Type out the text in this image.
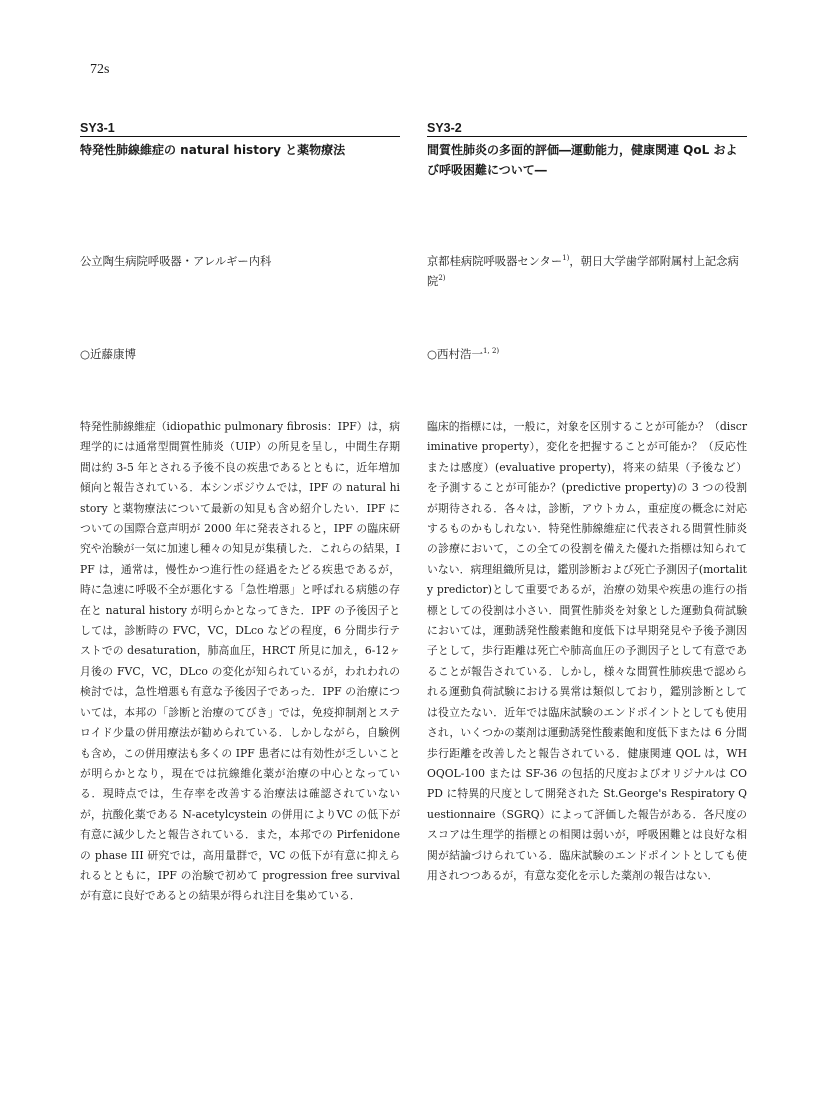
72s
SY3-1
特発性肺線維症の natural history と薬物療法
公立陶生病院呼吸器・アレルギー内科
○近藤康博

特発性肺線維症（idiopathic pulmonary fibrosis：IPF）は，病理学的には通常型間質性肺炎（UIP）の所見を呈し，中間生存期間は約 3-5 年とされる予後不良の疾患であるとともに，近年増加傾向と報告されている．本シンポジウムでは，IPF の natural history と薬物療法について最新の知見も含め紹介したい．IPF についての国際合意声明が 2000 年に発表されると，IPF の臨床研究や治験が一気に加速し種々の知見が集積した．これらの結果，IPF は，通常は，慢性かつ進行性の経過をたどる疾患であるが，時に急速に呼吸不全が悪化する「急性増悪」と呼ばれる病態の存在と natural history が明らかとなってきた．IPF の予後因子としては，診断時の FVC，VC，DLco などの程度，6 分間歩行テストでの desaturation，肺高血圧，HRCT 所見に加え，6-12ヶ月後の FVC，VC，DLco の変化が知られているが，われわれの検討では，急性増悪も有意な予後因子であった．IPF の治療については，本邦の「診断と治療のてびき」では，免疫抑制剤とステロイド少量の併用療法が勧められている．しかしながら，自験例も含め，この併用療法も多くの IPF 患者には有効性が乏しいことが明らかとなり，現在では抗線維化薬が治療の中心となっている．現時点では，生存率を改善する治療法は確認されていないが，抗酸化薬である N-acetylcystein の併用によりVC の低下が有意に減少したと報告されている．また，本邦での Pirfenidone の phase III 研究では，高用量群で，VC の低下が有意に抑えられるとともに，IPF の治験で初めて progression free survival が有意に良好であるとの結果が得られ注目を集めている．

SY3-2
間質性肺炎の多面的評価―運動能力，健康関連 QoL および呼吸困難について―
京都桂病院呼吸器センター$^{1)}$，朝日大学歯学部附属村上記念病院$^{2)}$
○西村浩一$^{1, 2)}$

臨床的指標には，一般に，対象を区別することが可能か？（discriminative property），変化を把握することが可能か？（反応性または感度）(evaluative property)，将来の結果（予後など）を予測することが可能か？(predictive property)の 3 つの役割が期待される．各々は，診断，アウトカム，重症度の概念に対応するものかもしれない．特発性肺線維症に代表される間質性肺炎の診療において，この全ての役割を備えた優れた指標は知られていない．病理組織所見は，鑑別診断および死亡予測因子(mortality predictor)として重要であるが，治療の効果や疾患の進行の指標としての役割は小さい．間質性肺炎を対象とした運動負荷試験においては，運動誘発性酸素飽和度低下は早期発見や予後予測因子として，歩行距離は死亡や肺高血圧の予測因子として有意であることが報告されている．しかし，様々な間質性肺疾患で認められる運動負荷試験における異常は類似しており，鑑別診断としては役立たない．近年では臨床試験のエンドポイントとしても使用され，いくつかの薬剤は運動誘発性酸素飽和度低下または 6 分間歩行距離を改善したと報告されている．健康関連 QOL は，WHOQOL-100 または SF-36 の包括的尺度およびオリジナルは COPD に特異的尺度として開発された St.George's Respiratory Questionnaire（SGRQ）によって評価した報告がある．各尺度のスコアは生理学的指標との相関は弱いが，呼吸困難とは良好な相関が結論づけられている．臨床試験のエンドポイントとしても使用されつつあるが，有意な変化を示した薬剤の報告はない．
